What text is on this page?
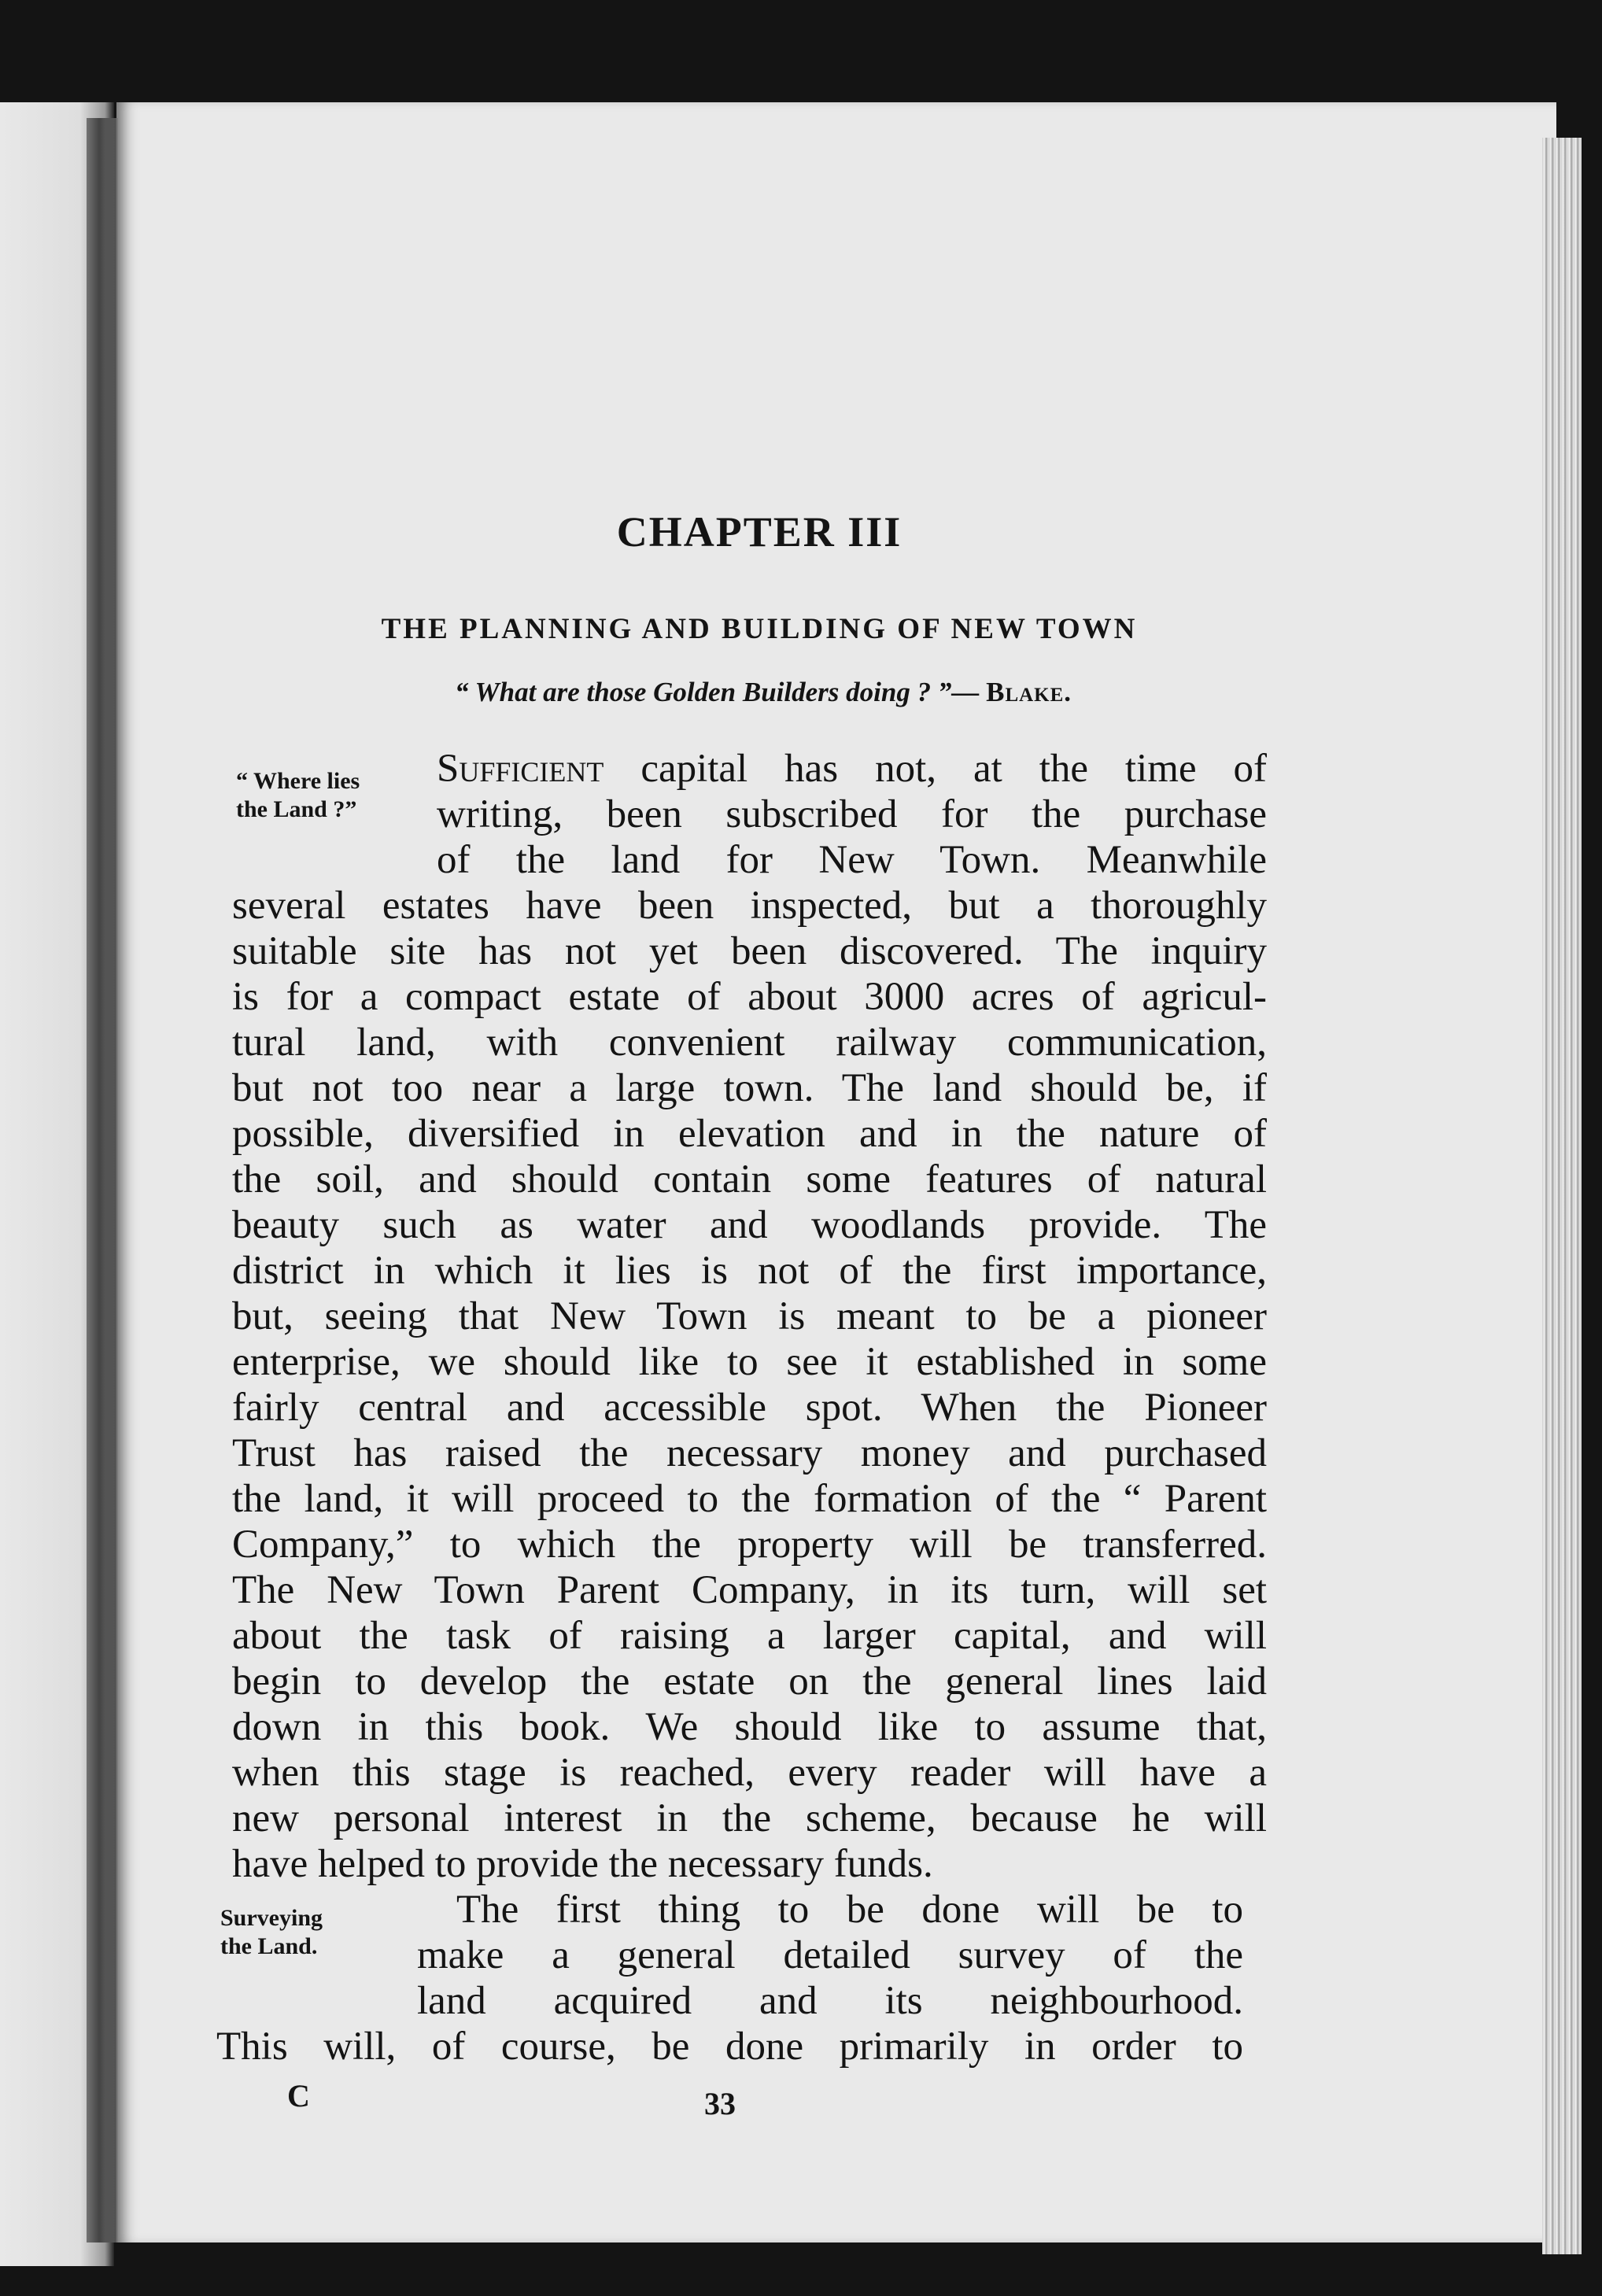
CHAPTER III
THE PLANNING AND BUILDING OF NEW TOWN

“ What are those Golden Builders doing ? ”— Blake.

“ Where lies
the Land ?”

Sufficient capital has not, at the time of

writing, been subscribed for the purchase

of the land for New Town. Meanwhile

several estates have been inspected, but a thoroughly

suitable site has not yet been discovered. The inquiry

is for a compact estate of about 3000 acres of agricul-

tural land, with convenient railway communication,

but not too near a large town. The land should be, if

possible, diversified in elevation and in the nature of

the soil, and should contain some features of natural

beauty such as water and woodlands provide. The

district in which it lies is not of the first importance,

but, seeing that New Town is meant to be a pioneer

enterprise, we should like to see it established in some

fairly central and accessible spot. When the Pioneer

Trust has raised the necessary money and purchased

the land, it will proceed to the formation of the “ Parent

Company,” to which the property will be transferred.

The New Town Parent Company, in its turn, will set

about the task of raising a larger capital, and will

begin to develop the estate on the general lines laid

down in this book. We should like to assume that,

when this stage is reached, every reader will have a

new personal interest in the scheme, because he will

have helped to provide the necessary funds.

Surveying
the Land.

The first thing to be done will be to

make a general detailed survey of the

land acquired and its neighbourhood.

This will, of course, be done primarily in order to

C	33
